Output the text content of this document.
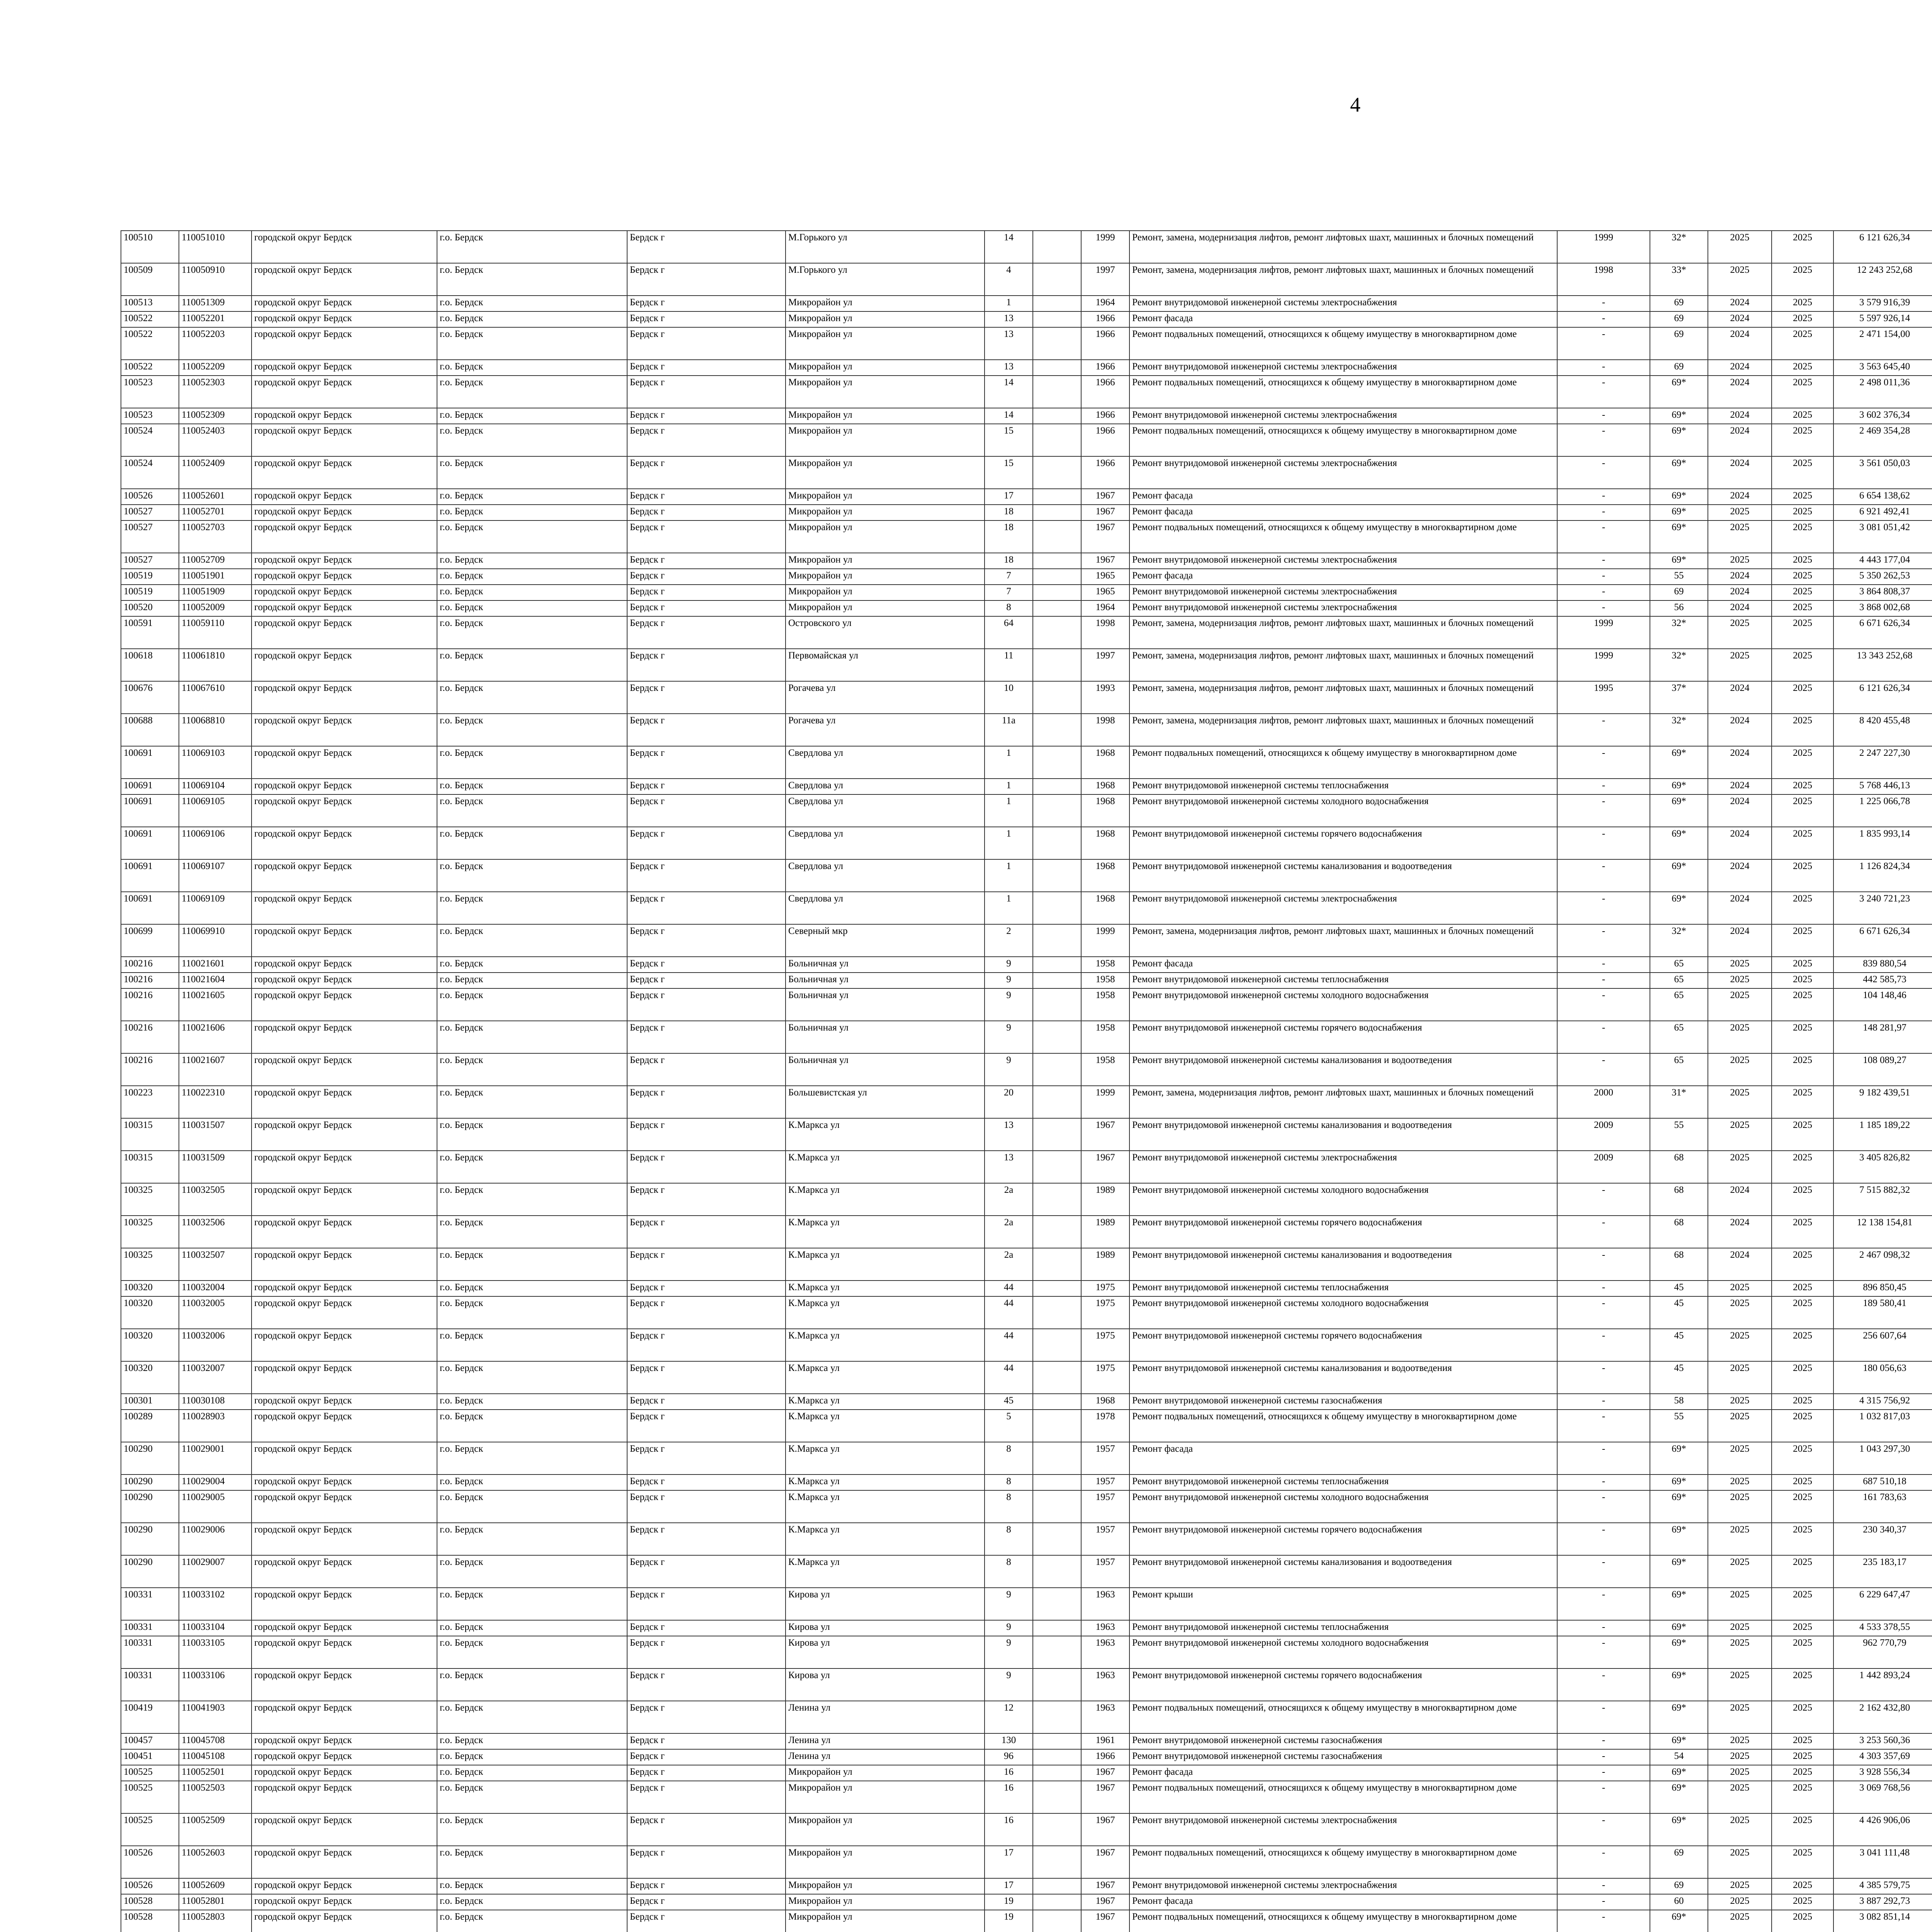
4
100510	110051010	городской округ Бердск	г.о. Бердск	Бердск г	М.Горького ул	14		1999	Ремонт, замена, модернизация лифтов, ремонт лифтовых шахт, машинных и блочных помещений	1999	32*	2025	2025	6 121 626,34							
100509	110050910	городской округ Бердск	г.о. Бердск	Бердск г	М.Горького ул	4		1997	Ремонт, замена, модернизация лифтов, ремонт лифтовых шахт, машинных и блочных помещений	1998	33*	2025	2025	12 243 252,68							
100513	110051309	городской округ Бердск	г.о. Бердск	Бердск г	Микрорайон ул	1		1964	Ремонт внутридомовой инженерной системы электроснабжения	-	69	2024	2025	3 579 916,39							
100522	110052201	городской округ Бердск	г.о. Бердск	Бердск г	Микрорайон ул	13		1966	Ремонт фасада	-	69	2024	2025	5 597 926,14							
100522	110052203	городской округ Бердск	г.о. Бердск	Бердск г	Микрорайон ул	13		1966	Ремонт подвальных помещений, относящихся к общему имуществу в многоквартирном доме	-	69	2024	2025	2 471 154,00							
100522	110052209	городской округ Бердск	г.о. Бердск	Бердск г	Микрорайон ул	13		1966	Ремонт внутридомовой инженерной системы электроснабжения	-	69	2024	2025	3 563 645,40							
100523	110052303	городской округ Бердск	г.о. Бердск	Бердск г	Микрорайон ул	14		1966	Ремонт подвальных помещений, относящихся к общему имуществу в многоквартирном доме	-	69*	2024	2025	2 498 011,36							
100523	110052309	городской округ Бердск	г.о. Бердск	Бердск г	Микрорайон ул	14		1966	Ремонт внутридомовой инженерной системы электроснабжения	-	69*	2024	2025	3 602 376,34							
100524	110052403	городской округ Бердск	г.о. Бердск	Бердск г	Микрорайон ул	15		1966	Ремонт подвальных помещений, относящихся к общему имуществу в многоквартирном доме	-	69*	2024	2025	2 469 354,28							
100524	110052409	городской округ Бердск	г.о. Бердск	Бердск г	Микрорайон ул	15		1966	Ремонт внутридомовой инженерной системы электроснабжения	-	69*	2024	2025	3 561 050,03							
100526	110052601	городской округ Бердск	г.о. Бердск	Бердск г	Микрорайон ул	17		1967	Ремонт фасада	-	69*	2024	2025	6 654 138,62							
100527	110052701	городской округ Бердск	г.о. Бердск	Бердск г	Микрорайон ул	18		1967	Ремонт фасада	-	69*	2025	2025	6 921 492,41							
100527	110052703	городской округ Бердск	г.о. Бердск	Бердск г	Микрорайон ул	18		1967	Ремонт подвальных помещений, относящихся к общему имуществу в многоквартирном доме	-	69*	2025	2025	3 081 051,42							
100527	110052709	городской округ Бердск	г.о. Бердск	Бердск г	Микрорайон ул	18		1967	Ремонт внутридомовой инженерной системы электроснабжения	-	69*	2025	2025	4 443 177,04							
100519	110051901	городской округ Бердск	г.о. Бердск	Бердск г	Микрорайон ул	7		1965	Ремонт фасада	-	55	2024	2025	5 350 262,53							
100519	110051909	городской округ Бердск	г.о. Бердск	Бердск г	Микрорайон ул	7		1965	Ремонт внутридомовой инженерной системы электроснабжения	-	69	2024	2025	3 864 808,37							
100520	110052009	городской округ Бердск	г.о. Бердск	Бердск г	Микрорайон ул	8		1964	Ремонт внутридомовой инженерной системы электроснабжения	-	56	2024	2025	3 868 002,68							
100591	110059110	городской округ Бердск	г.о. Бердск	Бердск г	Островского ул	64		1998	Ремонт, замена, модернизация лифтов, ремонт лифтовых шахт, машинных и блочных помещений	1999	32*	2025	2025	6 671 626,34							
100618	110061810	городской округ Бердск	г.о. Бердск	Бердск г	Первомайская ул	11		1997	Ремонт, замена, модернизация лифтов, ремонт лифтовых шахт, машинных и блочных помещений	1999	32*	2025	2025	13 343 252,68							
100676	110067610	городской округ Бердск	г.о. Бердск	Бердск г	Рогачева ул	10		1993	Ремонт, замена, модернизация лифтов, ремонт лифтовых шахт, машинных и блочных помещений	1995	37*	2024	2025	6 121 626,34							
100688	110068810	городской округ Бердск	г.о. Бердск	Бердск г	Рогачева ул	11а		1998	Ремонт, замена, модернизация лифтов, ремонт лифтовых шахт, машинных и блочных помещений	-	32*	2024	2025	8 420 455,48							
100691	110069103	городской округ Бердск	г.о. Бердск	Бердск г	Свердлова ул	1		1968	Ремонт подвальных помещений, относящихся к общему имуществу в многоквартирном доме	-	69*	2024	2025	2 247 227,30							
100691	110069104	городской округ Бердск	г.о. Бердск	Бердск г	Свердлова ул	1		1968	Ремонт внутридомовой инженерной системы теплоснабжения	-	69*	2024	2025	5 768 446,13							
100691	110069105	городской округ Бердск	г.о. Бердск	Бердск г	Свердлова ул	1		1968	Ремонт внутридомовой инженерной системы холодного водоснабжения	-	69*	2024	2025	1 225 066,78							
100691	110069106	городской округ Бердск	г.о. Бердск	Бердск г	Свердлова ул	1		1968	Ремонт внутридомовой инженерной системы горячего водоснабжения	-	69*	2024	2025	1 835 993,14							
100691	110069107	городской округ Бердск	г.о. Бердск	Бердск г	Свердлова ул	1		1968	Ремонт внутридомовой инженерной системы канализования и водоотведения	-	69*	2024	2025	1 126 824,34							
100691	110069109	городской округ Бердск	г.о. Бердск	Бердск г	Свердлова ул	1		1968	Ремонт внутридомовой инженерной системы электроснабжения	-	69*	2024	2025	3 240 721,23							
100699	110069910	городской округ Бердск	г.о. Бердск	Бердск г	Северный мкр	2		1999	Ремонт, замена, модернизация лифтов, ремонт лифтовых шахт, машинных и блочных помещений	-	32*	2024	2025	6 671 626,34							
100216	110021601	городской округ Бердск	г.о. Бердск	Бердск г	Больничная ул	9		1958	Ремонт фасада	-	65	2025	2025	839 880,54							
100216	110021604	городской округ Бердск	г.о. Бердск	Бердск г	Больничная ул	9		1958	Ремонт внутридомовой инженерной системы теплоснабжения	-	65	2025	2025	442 585,73							
100216	110021605	городской округ Бердск	г.о. Бердск	Бердск г	Больничная ул	9		1958	Ремонт внутридомовой инженерной системы холодного водоснабжения	-	65	2025	2025	104 148,46							
100216	110021606	городской округ Бердск	г.о. Бердск	Бердск г	Больничная ул	9		1958	Ремонт внутридомовой инженерной системы горячего водоснабжения	-	65	2025	2025	148 281,97							
100216	110021607	городской округ Бердск	г.о. Бердск	Бердск г	Больничная ул	9		1958	Ремонт внутридомовой инженерной системы канализования и водоотведения	-	65	2025	2025	108 089,27							
100223	110022310	городской округ Бердск	г.о. Бердск	Бердск г	Большевистская ул	20		1999	Ремонт, замена, модернизация лифтов, ремонт лифтовых шахт, машинных и блочных помещений	2000	31*	2025	2025	9 182 439,51							
100315	110031507	городской округ Бердск	г.о. Бердск	Бердск г	К.Маркса ул	13		1967	Ремонт внутридомовой инженерной системы канализования и водоотведения	2009	55	2025	2025	1 185 189,22							
100315	110031509	городской округ Бердск	г.о. Бердск	Бердск г	К.Маркса ул	13		1967	Ремонт внутридомовой инженерной системы электроснабжения	2009	68	2025	2025	3 405 826,82							
100325	110032505	городской округ Бердск	г.о. Бердск	Бердск г	К.Маркса ул	2а		1989	Ремонт внутридомовой инженерной системы холодного водоснабжения	-	68	2024	2025	7 515 882,32							
100325	110032506	городской округ Бердск	г.о. Бердск	Бердск г	К.Маркса ул	2а		1989	Ремонт внутридомовой инженерной системы горячего водоснабжения	-	68	2024	2025	12 138 154,81							
100325	110032507	городской округ Бердск	г.о. Бердск	Бердск г	К.Маркса ул	2а		1989	Ремонт внутридомовой инженерной системы канализования и водоотведения	-	68	2024	2025	2 467 098,32							
100320	110032004	городской округ Бердск	г.о. Бердск	Бердск г	К.Маркса ул	44		1975	Ремонт внутридомовой инженерной системы теплоснабжения	-	45	2025	2025	896 850,45							
100320	110032005	городской округ Бердск	г.о. Бердск	Бердск г	К.Маркса ул	44		1975	Ремонт внутридомовой инженерной системы холодного водоснабжения	-	45	2025	2025	189 580,41							
100320	110032006	городской округ Бердск	г.о. Бердск	Бердск г	К.Маркса ул	44		1975	Ремонт внутридомовой инженерной системы горячего водоснабжения	-	45	2025	2025	256 607,64							
100320	110032007	городской округ Бердск	г.о. Бердск	Бердск г	К.Маркса ул	44		1975	Ремонт внутридомовой инженерной системы канализования и водоотведения	-	45	2025	2025	180 056,63							
100301	110030108	городской округ Бердск	г.о. Бердск	Бердск г	К.Маркса ул	45		1968	Ремонт внутридомовой инженерной системы газоснабжения	-	58	2025	2025	4 315 756,92							
100289	110028903	городской округ Бердск	г.о. Бердск	Бердск г	К.Маркса ул	5		1978	Ремонт подвальных помещений, относящихся к общему имуществу в многоквартирном доме	-	55	2025	2025	1 032 817,03							
100290	110029001	городской округ Бердск	г.о. Бердск	Бердск г	К.Маркса ул	8		1957	Ремонт фасада	-	69*	2025	2025	1 043 297,30							
100290	110029004	городской округ Бердск	г.о. Бердск	Бердск г	К.Маркса ул	8		1957	Ремонт внутридомовой инженерной системы теплоснабжения	-	69*	2025	2025	687 510,18							
100290	110029005	городской округ Бердск	г.о. Бердск	Бердск г	К.Маркса ул	8		1957	Ремонт внутридомовой инженерной системы холодного водоснабжения	-	69*	2025	2025	161 783,63							
100290	110029006	городской округ Бердск	г.о. Бердск	Бердск г	К.Маркса ул	8		1957	Ремонт внутридомовой инженерной системы горячего водоснабжения	-	69*	2025	2025	230 340,37							
100290	110029007	городской округ Бердск	г.о. Бердск	Бердск г	К.Маркса ул	8		1957	Ремонт внутридомовой инженерной системы канализования и водоотведения	-	69*	2025	2025	235 183,17							
100331	110033102	городской округ Бердск	г.о. Бердск	Бердск г	Кирова ул	9		1963	Ремонт крыши	-	69*	2025	2025	6 229 647,47							
100331	110033104	городской округ Бердск	г.о. Бердск	Бердск г	Кирова ул	9		1963	Ремонт внутридомовой инженерной системы теплоснабжения	-	69*	2025	2025	4 533 378,55							
100331	110033105	городской округ Бердск	г.о. Бердск	Бердск г	Кирова ул	9		1963	Ремонт внутридомовой инженерной системы холодного водоснабжения	-	69*	2025	2025	962 770,79							
100331	110033106	городской округ Бердск	г.о. Бердск	Бердск г	Кирова ул	9		1963	Ремонт внутридомовой инженерной системы горячего водоснабжения	-	69*	2025	2025	1 442 893,24							
100419	110041903	городской округ Бердск	г.о. Бердск	Бердск г	Ленина ул	12		1963	Ремонт подвальных помещений, относящихся к общему имуществу в многоквартирном доме	-	69*	2025	2025	2 162 432,80							
100457	110045708	городской округ Бердск	г.о. Бердск	Бердск г	Ленина ул	130		1961	Ремонт внутридомовой инженерной системы газоснабжения	-	69*	2025	2025	3 253 560,36							
100451	110045108	городской округ Бердск	г.о. Бердск	Бердск г	Ленина ул	96		1966	Ремонт внутридомовой инженерной системы газоснабжения	-	54	2025	2025	4 303 357,69							
100525	110052501	городской округ Бердск	г.о. Бердск	Бердск г	Микрорайон ул	16		1967	Ремонт фасада	-	69*	2025	2025	3 928 556,34							
100525	110052503	городской округ Бердск	г.о. Бердск	Бердск г	Микрорайон ул	16		1967	Ремонт подвальных помещений, относящихся к общему имуществу в многоквартирном доме	-	69*	2025	2025	3 069 768,56							
100525	110052509	городской округ Бердск	г.о. Бердск	Бердск г	Микрорайон ул	16		1967	Ремонт внутридомовой инженерной системы электроснабжения	-	69*	2025	2025	4 426 906,06							
100526	110052603	городской округ Бердск	г.о. Бердск	Бердск г	Микрорайон ул	17		1967	Ремонт подвальных помещений, относящихся к общему имуществу в многоквартирном доме	-	69	2025	2025	3 041 111,48							
100526	110052609	городской округ Бердск	г.о. Бердск	Бердск г	Микрорайон ул	17		1967	Ремонт внутридомовой инженерной системы электроснабжения	-	69	2025	2025	4 385 579,75							
100528	110052801	городской округ Бердск	г.о. Бердск	Бердск г	Микрорайон ул	19		1967	Ремонт фасада	-	60	2025	2025	3 887 292,73							
100528	110052803	городской округ Бердск	г.о. Бердск	Бердск г	Микрорайон ул	19		1967	Ремонт подвальных помещений, относящихся к общему имуществу в многоквартирном доме	-	69*	2025	2025	3 082 851,14							
